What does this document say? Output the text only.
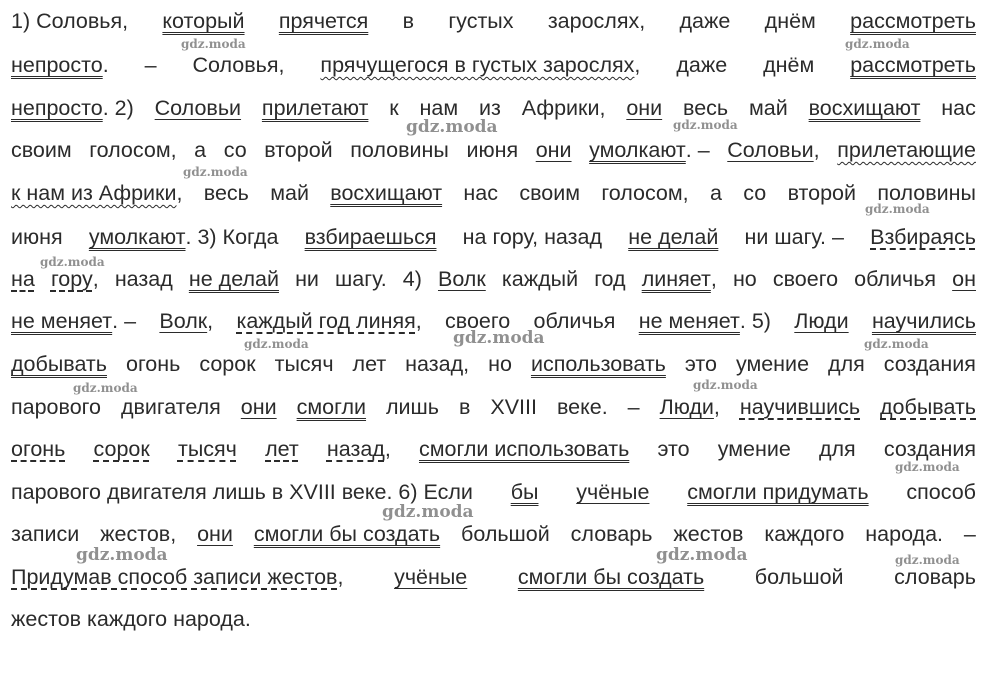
1) Соловья, который прячется в густых зарослях, даже днём рассмотреть
непросто. – Соловья, прячущегося в густых зарослях, даже днём рассмотреть
непросто. 2) Соловьи прилетают к нам из Африки, они весь май восхищают нас
своим голосом, а со второй половины июня они умолкают. – Соловьи, прилетающие
к нам из Африки, весь май восхищают нас своим голосом, а со второй половины
июня умолкают. 3) Когда взбираешься на гору, назад не делай ни шагу. – Взбираясь
на гору, назад не делай ни шагу. 4) Волк каждый год линяет, но своего обличья он
не меняет. – Волк, каждый год линяя, своего обличья не меняет. 5) Люди научились
добывать огонь сорок тысяч лет назад, но использовать это умение для создания
парового двигателя они смогли лишь в XVIII веке. – Люди, научившись добывать
огонь сорок тысяч лет назад, смогли использовать это умение для создания
парового двигателя лишь в XVIII веке. 6) Если бы учёные смогли придумать способ
записи жестов, они смогли бы создать большой словарь жестов каждого народа. –
Придумав способ записи жестов, учёные смогли бы создать большой словарь
жестов каждого народа.
gdz.moda	gdz.moda
gdz.moda	gdz.moda
gdz.moda
gdz.moda
gdz.moda
gdz.moda	gdz.moda	gdz.moda
gdz.moda	gdz.moda
gdz.moda
gdz.moda
gdz.moda	gdz.moda	gdz.moda
